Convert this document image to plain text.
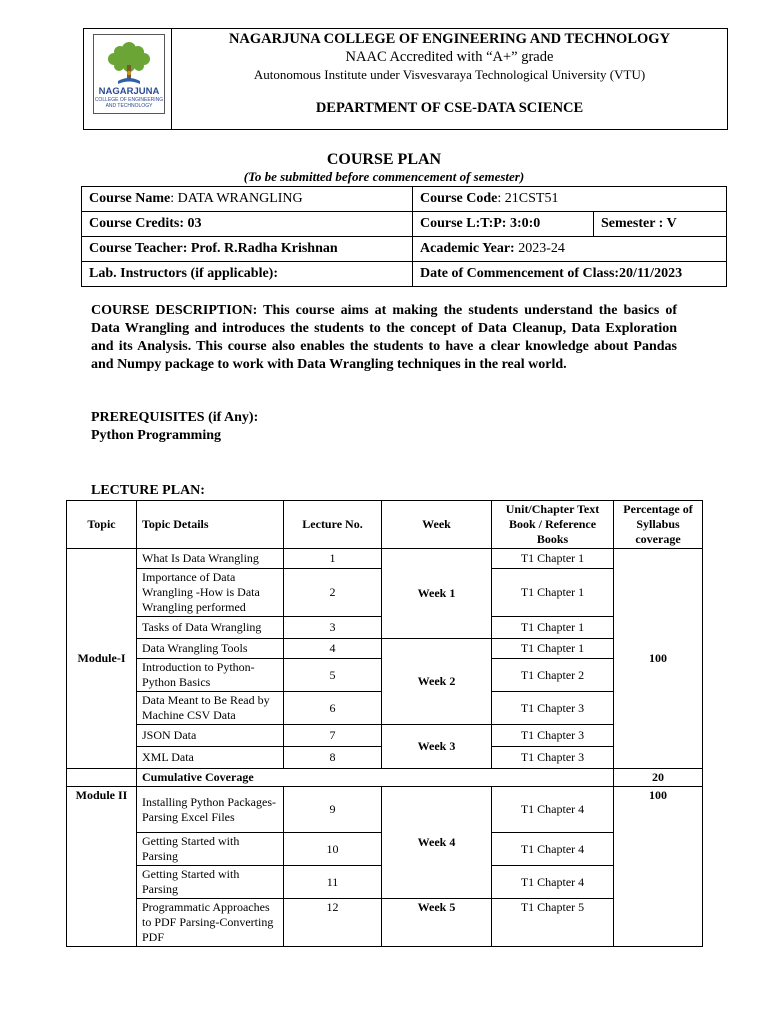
NAGARJUNA
COLLEGE OF ENGINEERING
AND TECHNOLOGY
NAGARJUNA COLLEGE OF ENGINEERING AND TECHNOLOGY
NAAC Accredited with “A+” grade
Autonomous Institute under Visvesvaraya Technological University (VTU)
DEPARTMENT OF CSE-DATA SCIENCE
COURSE PLAN
(To be submitted before commencement of semester)
Course Name: DATA WRANGLING	Course Code: 21CST51	
Course Credits: 03	Course L:T:P: 3:0:0	Semester : V
Course Teacher: Prof. R.Radha Krishnan	Academic Year: 2023-24	
Lab. Instructors (if applicable):	Date of Commencement of Class:20/11/2023	
COURSE DESCRIPTION: This course aims at making the students understand the basics of Data Wrangling and introduces the students to the concept of Data Cleanup, Data Exploration and its Analysis. This course also enables the students to have a clear knowledge about Pandas and Numpy package to work with Data Wrangling techniques in the real world.
PREREQUISITES (if Any):
Python Programming
LECTURE PLAN:
Topic	Topic Details	Lecture No.	Week	Unit/Chapter Text Book / Reference Books	Percentage of Syllabus coverage
Module-I	What Is Data Wrangling	1	Week 1	T1 Chapter 1	100
	Importance of Data Wrangling -How is Data Wrangling performed	2		T1 Chapter 1	
	Tasks of Data Wrangling	3		T1 Chapter 1	
	Data Wrangling Tools	4	Week 2	T1 Chapter 1	
	Introduction to Python-Python Basics	5		T1 Chapter 2	
	Data Meant to Be Read by Machine CSV Data	6		T1 Chapter 3	
	JSON Data	7	Week 3	T1 Chapter 3	
	XML Data	8		T1 Chapter 3	
	Cumulative Coverage				20
Module II	Installing Python Packages-Parsing Excel Files	9	Week 4	T1 Chapter 4	100
	Getting Started with Parsing	10		T1 Chapter 4	
	Getting Started with Parsing	11		T1 Chapter 4	
	Programmatic Approaches to PDF Parsing-Converting PDF	12	Week 5	T1 Chapter 5	
